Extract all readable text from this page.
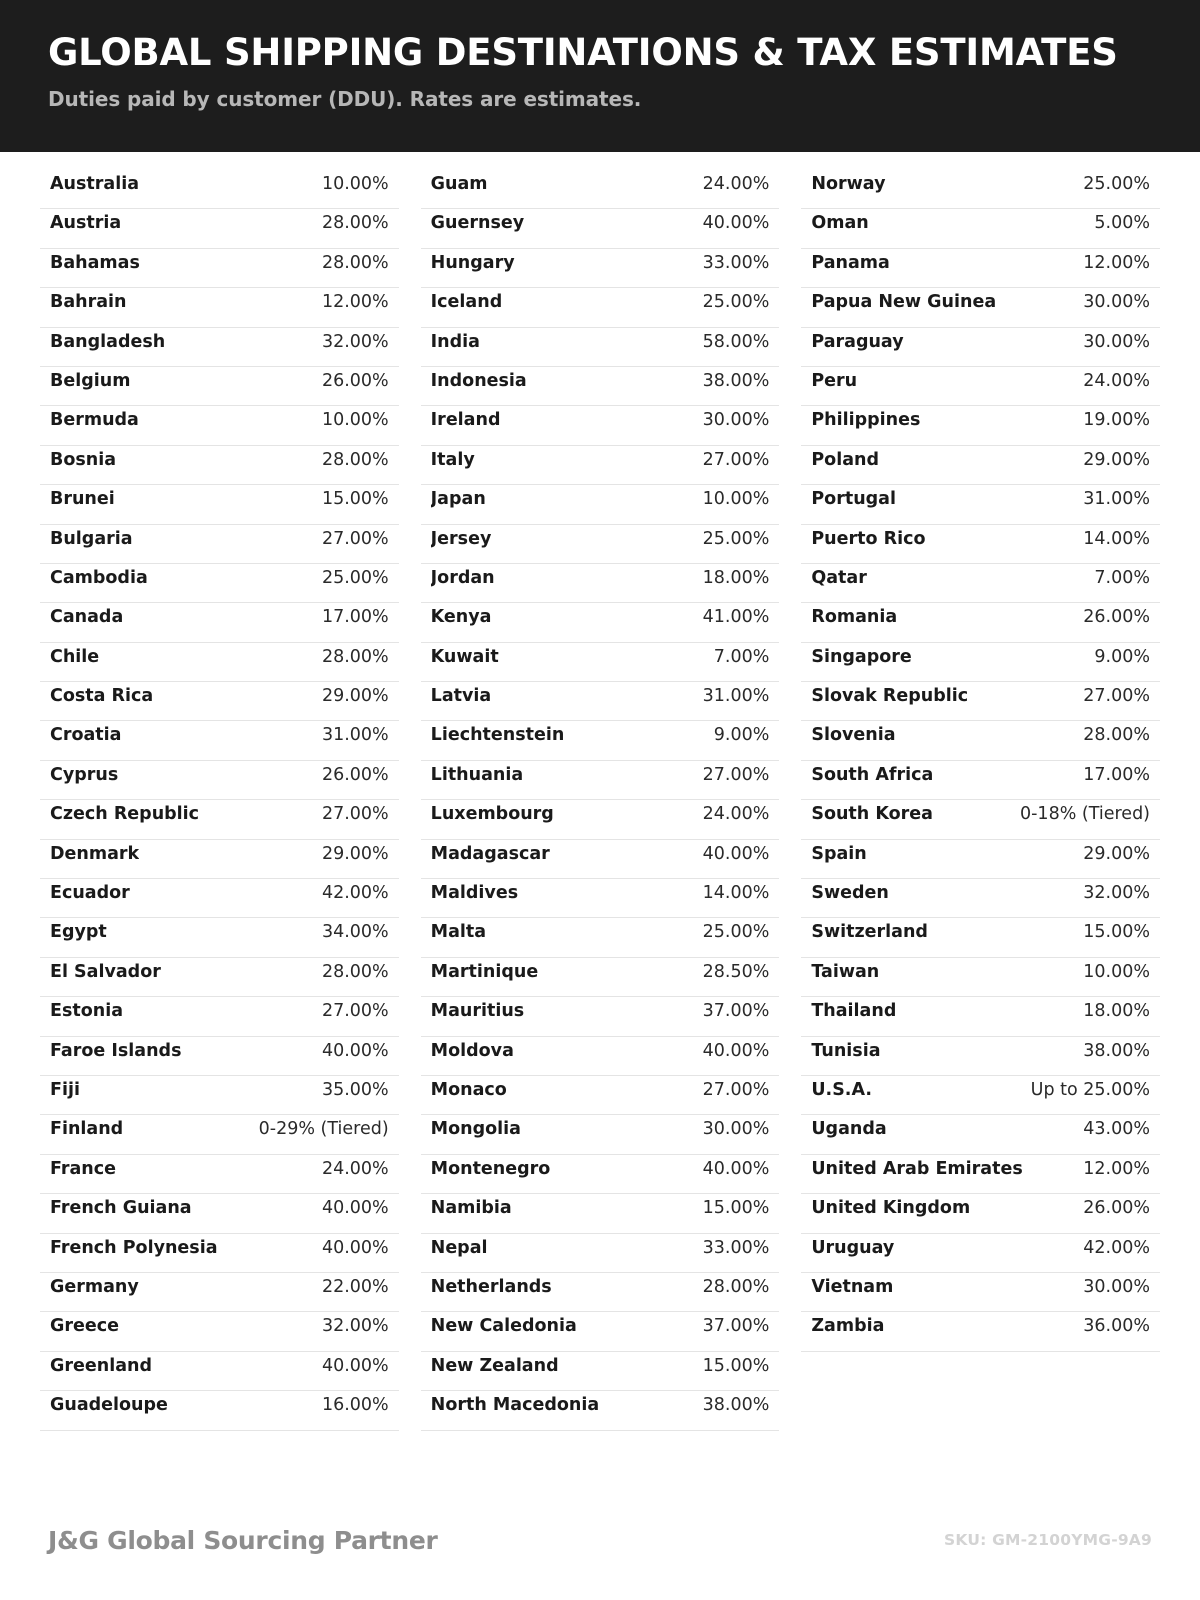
GLOBAL SHIPPING DESTINATIONS & TAX ESTIMATES
Duties paid by customer (DDU). Rates are estimates.
Australia	10.00%
Austria	28.00%
Bahamas	28.00%
Bahrain	12.00%
Bangladesh	32.00%
Belgium	26.00%
Bermuda	10.00%
Bosnia	28.00%
Brunei	15.00%
Bulgaria	27.00%
Cambodia	25.00%
Canada	17.00%
Chile	28.00%
Costa Rica	29.00%
Croatia	31.00%
Cyprus	26.00%
Czech Republic	27.00%
Denmark	29.00%
Ecuador	42.00%
Egypt	34.00%
El Salvador	28.00%
Estonia	27.00%
Faroe Islands	40.00%
Fiji	35.00%
Finland	0-29% (Tiered)
France	24.00%
French Guiana	40.00%
French Polynesia	40.00%
Germany	22.00%
Greece	32.00%
Greenland	40.00%
Guadeloupe	16.00%
Guam	24.00%
Guernsey	40.00%
Hungary	33.00%
Iceland	25.00%
India	58.00%
Indonesia	38.00%
Ireland	30.00%
Italy	27.00%
Japan	10.00%
Jersey	25.00%
Jordan	18.00%
Kenya	41.00%
Kuwait	7.00%
Latvia	31.00%
Liechtenstein	9.00%
Lithuania	27.00%
Luxembourg	24.00%
Madagascar	40.00%
Maldives	14.00%
Malta	25.00%
Martinique	28.50%
Mauritius	37.00%
Moldova	40.00%
Monaco	27.00%
Mongolia	30.00%
Montenegro	40.00%
Namibia	15.00%
Nepal	33.00%
Netherlands	28.00%
New Caledonia	37.00%
New Zealand	15.00%
North Macedonia	38.00%
Norway	25.00%
Oman	5.00%
Panama	12.00%
Papua New Guinea	30.00%
Paraguay	30.00%
Peru	24.00%
Philippines	19.00%
Poland	29.00%
Portugal	31.00%
Puerto Rico	14.00%
Qatar	7.00%
Romania	26.00%
Singapore	9.00%
Slovak Republic	27.00%
Slovenia	28.00%
South Africa	17.00%
South Korea	0-18% (Tiered)
Spain	29.00%
Sweden	32.00%
Switzerland	15.00%
Taiwan	10.00%
Thailand	18.00%
Tunisia	38.00%
U.S.A.	Up to 25.00%
Uganda	43.00%
United Arab Emirates	12.00%
United Kingdom	26.00%
Uruguay	42.00%
Vietnam	30.00%
Zambia	36.00%
J&G Global Sourcing Partner	SKU: GM-2100YMG-9A9
